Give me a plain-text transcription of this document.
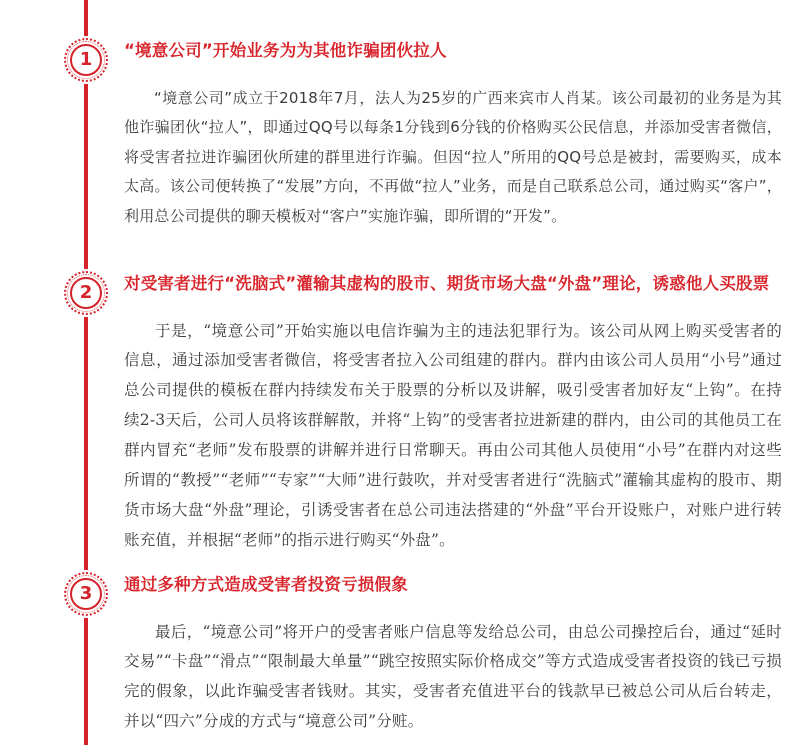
1 “境意公司”开始业务为为其他诈骗团伙拉人

“境意公司”成立于2018年7月，法人为25岁的广西来宾市人肖某。该公司最初的业务是为其他诈骗团伙“拉人”，即通过QQ号以每条1分钱到6分钱的价格购买公民信息，并添加受害者微信，将受害者拉进诈骗团伙所建的群里进行诈骗。但因“拉人”所用的QQ号总是被封，需要购买，成本太高。该公司便转换了“发展”方向，不再做“拉人”业务，而是自己联系总公司，通过购买“客户”，利用总公司提供的聊天模板对“客户”实施诈骗，即所谓的“开发”。

2 对受害者进行“洗脑式”灌输其虚构的股市、期货市场大盘“外盘”理论，诱惑他人买股票

于是，“境意公司”开始实施以电信诈骗为主的违法犯罪行为。该公司从网上购买受害者的信息，通过添加受害者微信，将受害者拉入公司组建的群内。群内由该公司人员用“小号”通过总公司提供的模板在群内持续发布关于股票的分析以及讲解，吸引受害者加好友“上钩”。在持续2-3天后，公司人员将该群解散，并将“上钩”的受害者拉进新建的群内，由公司的其他员工在群内冒充“老师”发布股票的讲解并进行日常聊天。再由公司其他人员使用“小号”在群内对这些所谓的“教授”“老师”“专家”“大师”进行鼓吹，并对受害者进行“洗脑式”灌输其虚构的股市、期货市场大盘“外盘”理论，引诱受害者在总公司违法搭建的“外盘”平台开设账户，对账户进行转账充值，并根据“老师”的指示进行购买“外盘”。

3 通过多种方式造成受害者投资亏损假象

最后，“境意公司”将开户的受害者账户信息等发给总公司，由总公司操控后台，通过“延时交易”“卡盘”“滑点”“限制最大单量”“跳空按照实际价格成交”等方式造成受害者投资的钱已亏损完的假象，以此诈骗受害者钱财。其实，受害者充值进平台的钱款早已被总公司从后台转走，并以“四六”分成的方式与“境意公司”分赃。
